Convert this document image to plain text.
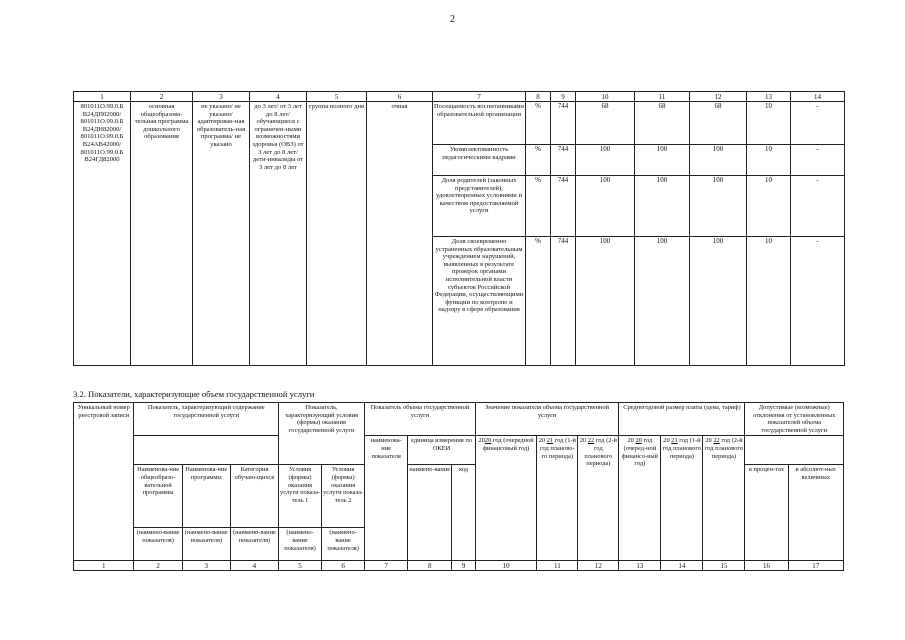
2
1	2	3	4	5	6	7	8	9	10	11	12	13	14
801011О.99.0.Б В24ДП02000/ 801011О.99.0.Б В24ДН82000/ 801011О.99.0.Б В24АВ42000/ 801011О.99.0.Б В24ГД82000	основная общеобразова-тельная программа дошкольного образования	не указано/ не указано/ адаптирован-ная образователь-ная программа/ не указано	до 3 лет/ от 3 лет до 8 лет/ обучающиеся с ограничен-ными возможностями здоровья (ОВЗ) от 3 лет до 8 лет/дети-инвалиды от 3 лет до 8 лет	группа полного дня	очная	Посещаемость воспитанниками образовательной организации	%	744	68	68	68	10	-
						Укомплектованность педагогическими кадрами	%	744	100	100	100	10	-
						Доля родителей (законных представителей), удовлетворенных условиями и качеством предоставляемой услуги	%	744	100	100	100	10	-
						Доля своевременно устраненных образовательным учреждением нарушений, выявленных в результате проверок органами исполнительной власти субъектов Российской Федерации, осуществляющими функции по контролю и надзору в сфере образования	%	744	100	100	100	10	-
3.2. Показатели, характеризующие объем государственной услуги
Уникальный номер реестровой записи	Показатель, характеризующий содержание государственной услуги			Показатель, характеризующий условия (формы) оказания государственной услуги		Показатель объема государственной услуги			Значение показателя объема государственной услуги			Среднегодовой размер платы (цена, тариф)			Допустимые (возможные) отклонения от установленных показателей объема государственной услуги	
						наименова-ние показателя	единица измерения по ОКЕИ		2020 год (очередной финансовый год)	20 21 год (1-й год планово-го периода)	20 22 год (2-й год планового периода)	20 20 год (очеред-ной финансо-вый год)	20 21 год (1-й год планового периода)	20 22 год (2-й год планового периода)		
	Наименова-ние общеобразо-вательной программы	Наименова-ние программы	Категория обучаю-щихся	Условия (формы) оказания услуги показа-тель 1	Условия (формы) оказания услуги показа-тель 2		наимено-вание	код							в процен-тах	в абсолют-ных величинах
	(наимено-вание показателя)	(наимено-вание показателя)	(наимено-вание показателя)	(наимено-вание показателя)	(наимено-вание показателя)											
1	2	3	4	5	6	7	8	9	10	11	12	13	14	15	16	17
